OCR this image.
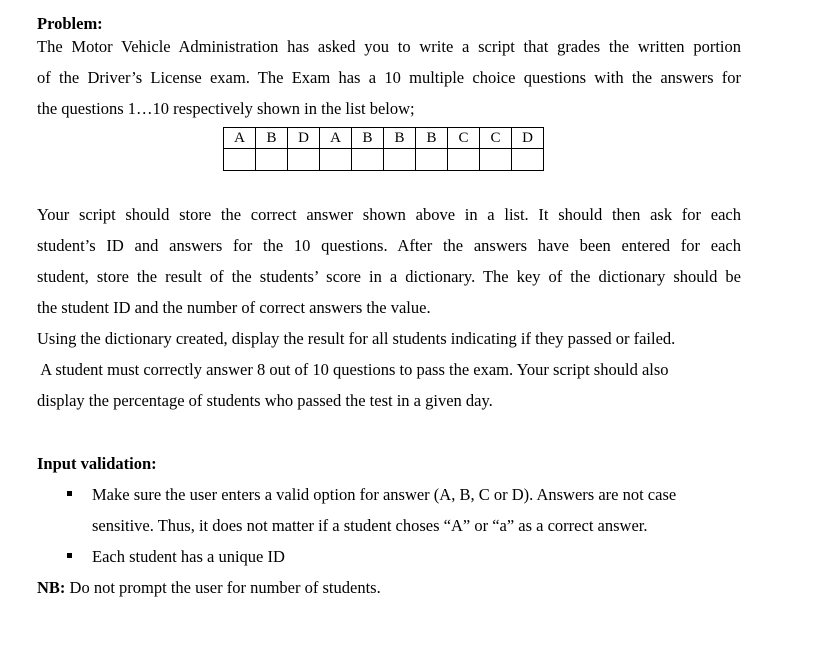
Problem:
The Motor Vehicle Administration has asked you to write a script that grades the written portion
of the Driver’s License exam. The Exam has a 10 multiple choice questions with the answers for
the questions 1…10 respectively shown in the list below;
A	B	D	A	B	B	B	C	C	D

Your script should store the correct answer shown above in a list. It should then ask for each
student’s ID and answers for the 10 questions. After the answers have been entered for each
student, store the result of the students’ score in a dictionary. The key of the dictionary should be
the student ID and the number of correct answers the value.
Using the dictionary created, display the result for all students indicating if they passed or failed.
A student must correctly answer 8 out of 10 questions to pass the exam. Your script should also
display the percentage of students who passed the test in a given day.
Input validation:
Make sure the user enters a valid option for answer (A, B, C or D). Answers are not case
sensitive. Thus, it does not matter if a student choses “A” or “a” as a correct answer.
Each student has a unique ID
NB: Do not prompt the user for number of students.
